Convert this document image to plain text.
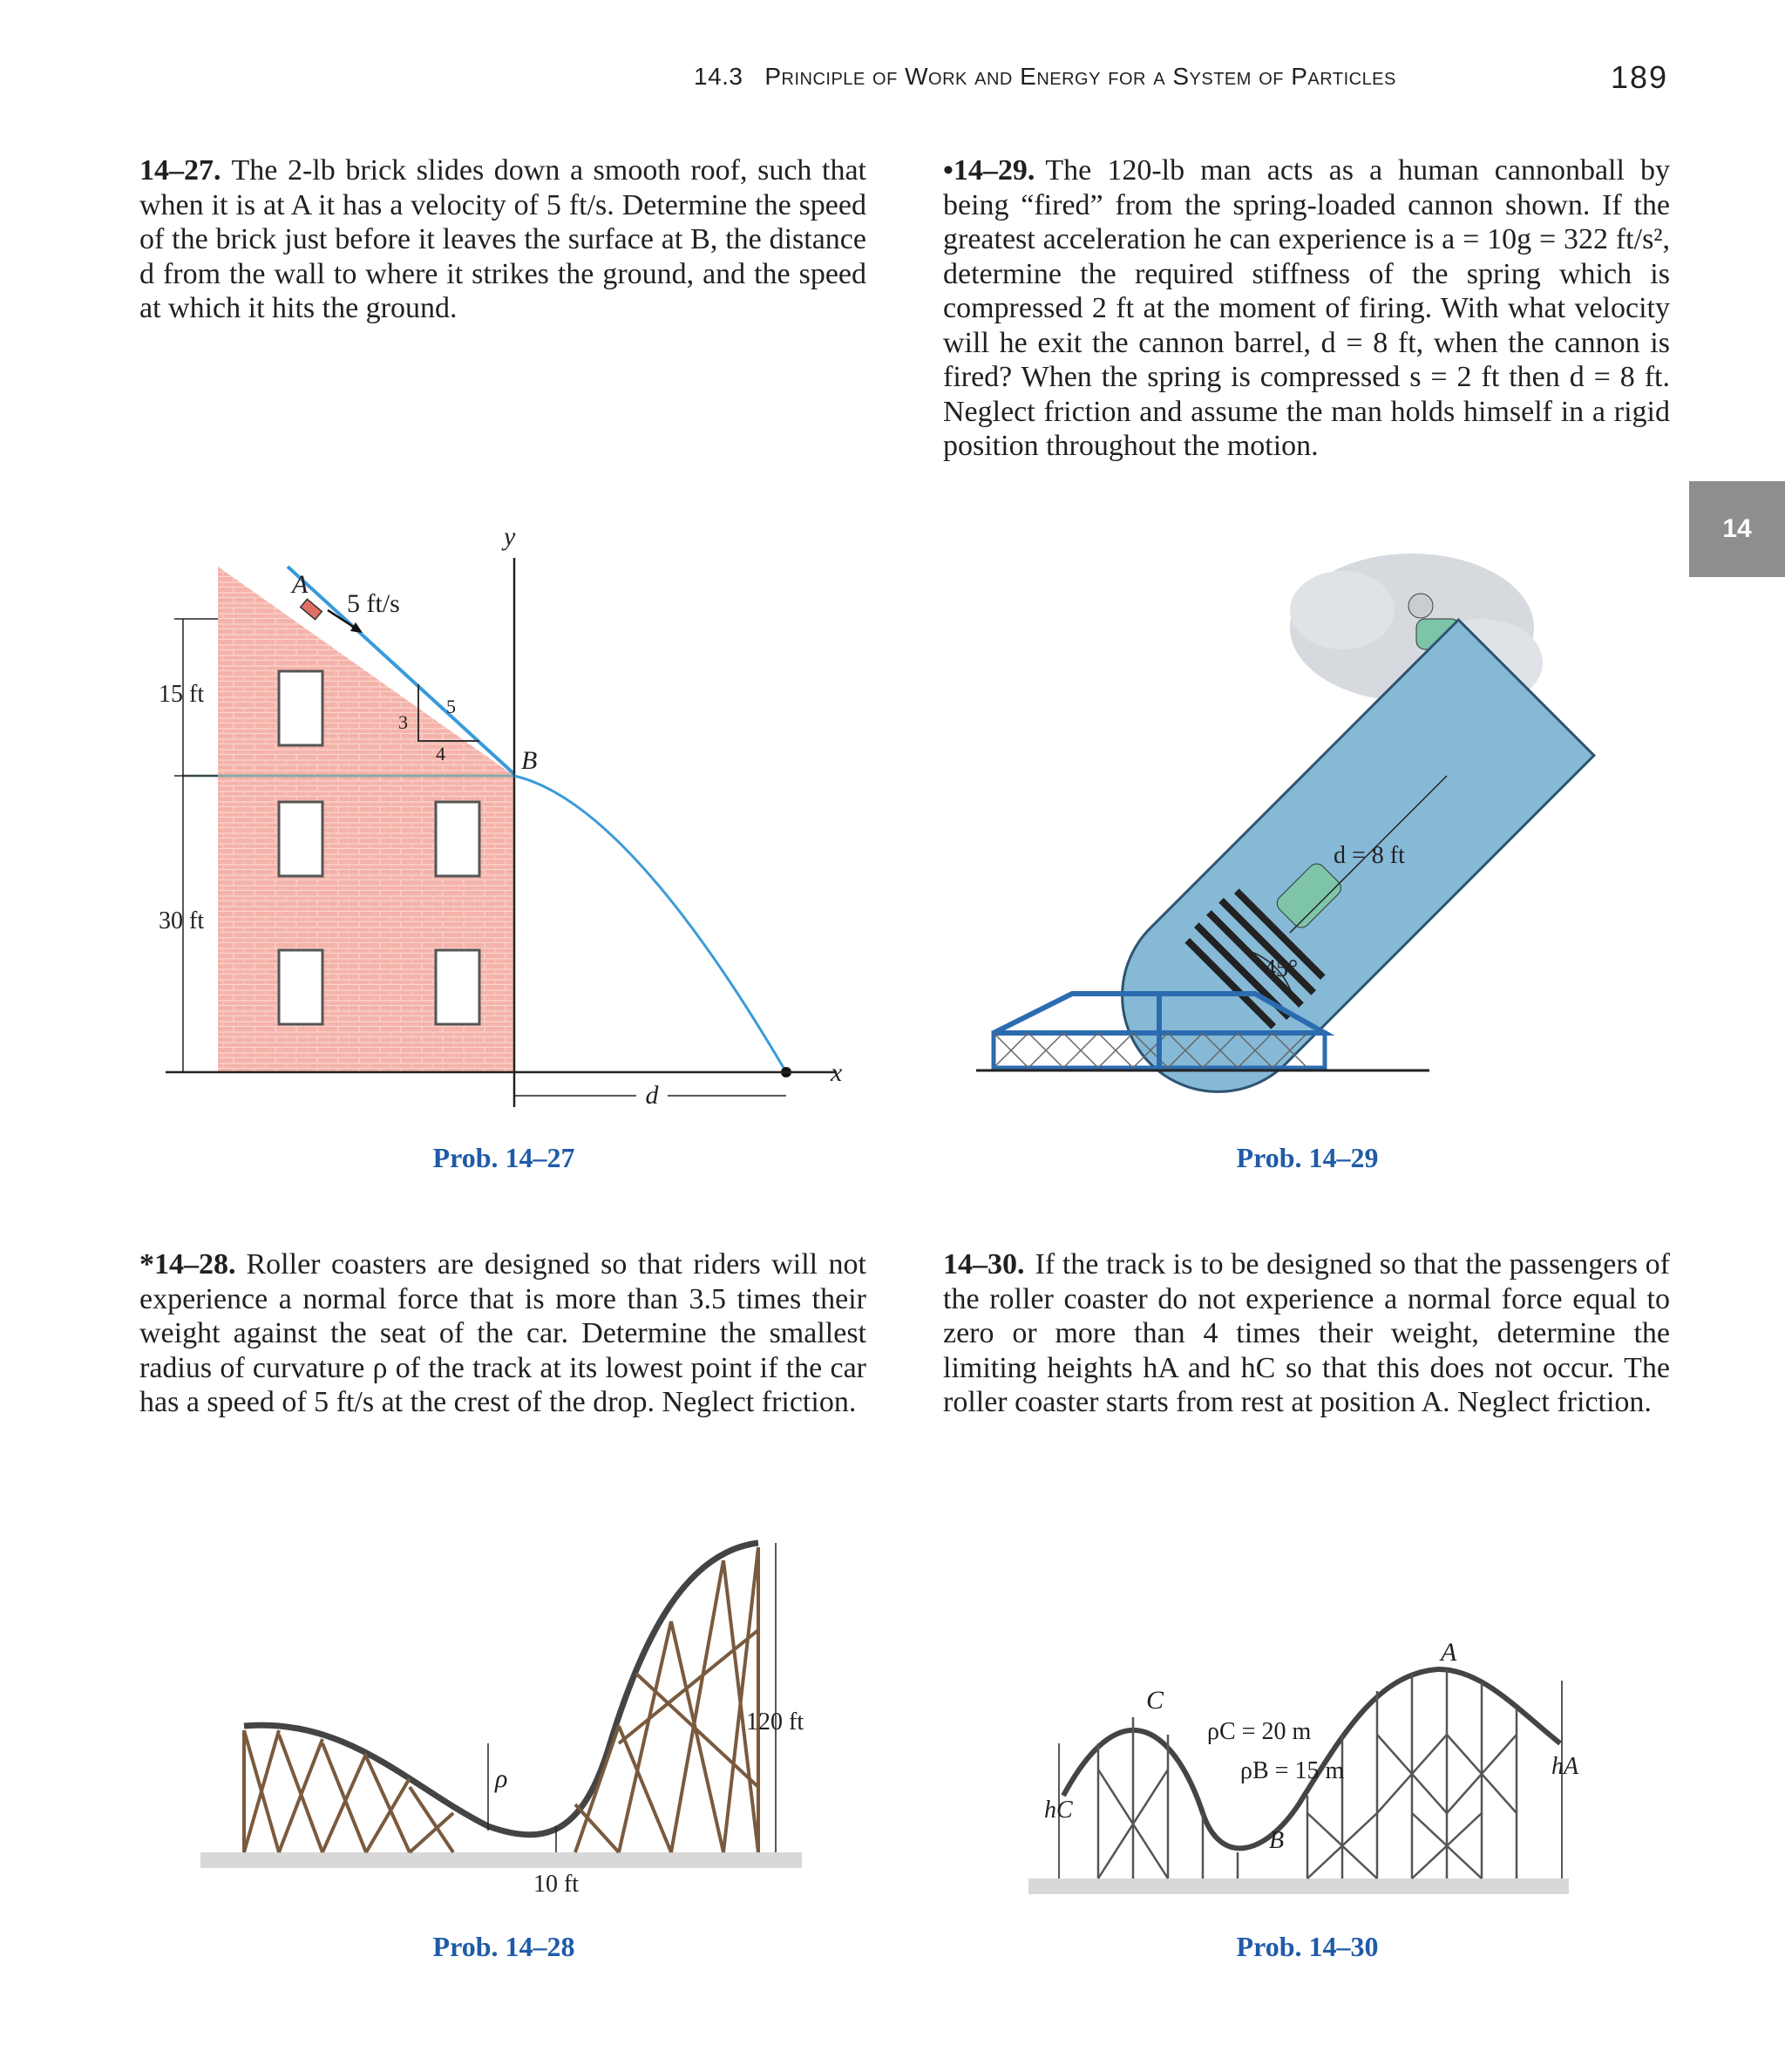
14.3 Principle of Work and Energy for a System of Particles	189
14
14–27. The 2-lb brick slides down a smooth roof, such that when it is at A it has a velocity of 5 ft/s. Determine the speed of the brick just before it leaves the surface at B, the distance d from the wall to where it strikes the ground, and the speed at which it hits the ground.
•14–29. The 120-lb man acts as a human cannonball by being “fired” from the spring-loaded cannon shown. If the greatest acceleration he can experience is a = 10g = 322 ft/s², determine the required stiffness of the spring which is compressed 2 ft at the moment of firing. With what velocity will he exit the cannon barrel, d = 8 ft, when the cannon is fired? When the spring is compressed s = 2 ft then d = 8 ft. Neglect friction and assume the man holds himself in a rigid position throughout the motion.
A
5 ft/s
3
4
5
y
B
x
15 ft
30 ft
d
d = 8 ft
45°
Prob. 14–27	Prob. 14–29
*14–28. Roller coasters are designed so that riders will not experience a normal force that is more than 3.5 times their weight against the seat of the car. Determine the smallest radius of curvature ρ of the track at its lowest point if the car has a speed of 5 ft/s at the crest of the drop. Neglect friction.
14–30. If the track is to be designed so that the passengers of the roller coaster do not experience a normal force equal to zero or more than 4 times their weight, determine the limiting heights hA and hC so that this does not occur. The roller coaster starts from rest at position A. Neglect friction.
120 ft
ρ
10 ft
C
A
B
ρC = 20 m
ρB = 15 m
hC
hA
Prob. 14–28	Prob. 14–30
